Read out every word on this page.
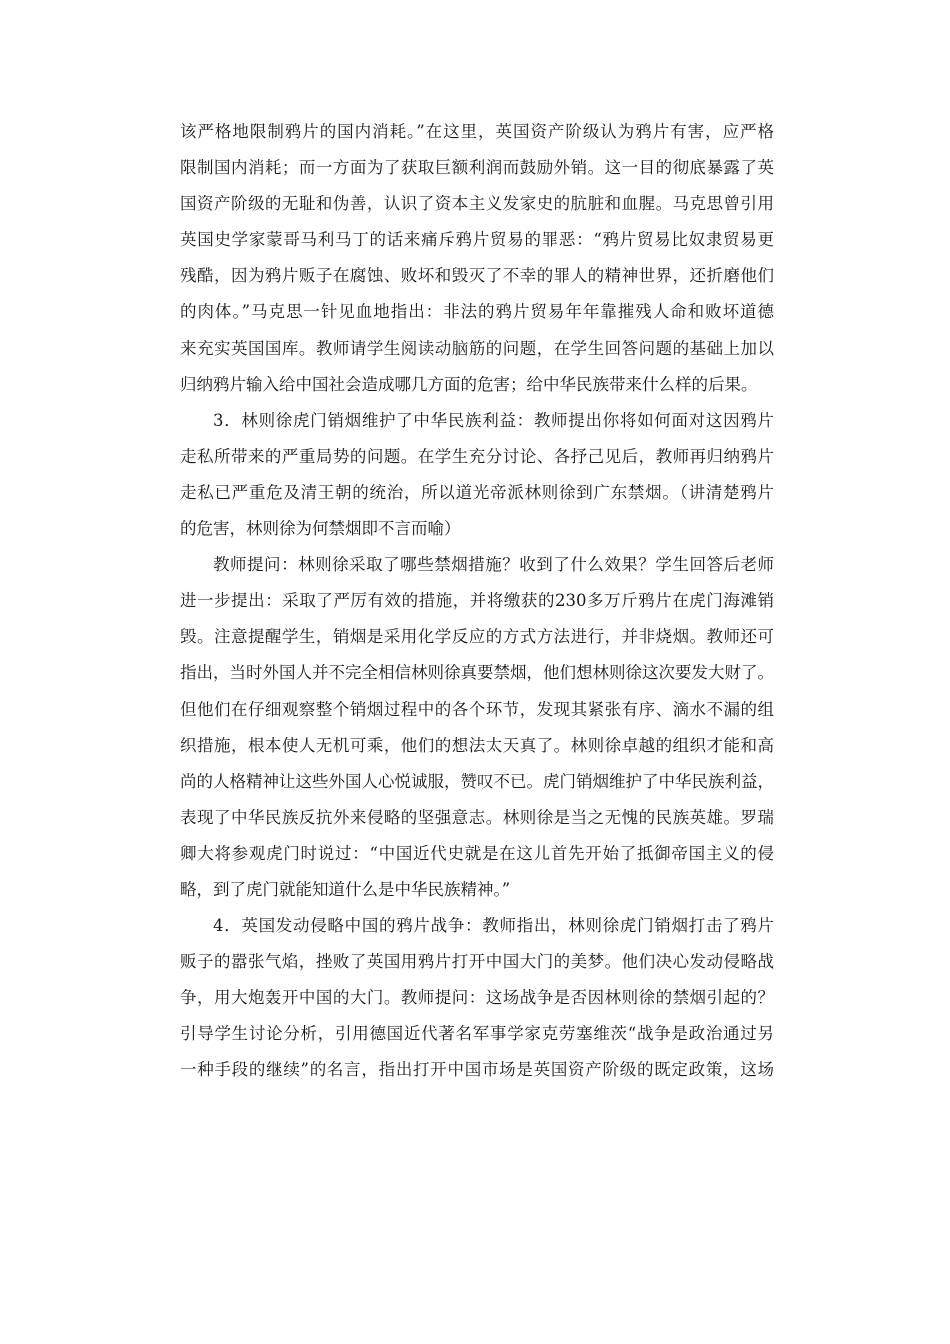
该严格地限制鸦片的国内消耗。”在这里，英国资产阶级认为鸦片有害，应严格
限制国内消耗；而一方面为了获取巨额利润而鼓励外销。这一目的彻底暴露了英
国资产阶级的无耻和伪善，认识了资本主义发家史的肮脏和血腥。马克思曾引用
英国史学家蒙哥马利马丁的话来痛斥鸦片贸易的罪恶：“鸦片贸易比奴隶贸易更
残酷，因为鸦片贩子在腐蚀、败坏和毁灭了不幸的罪人的精神世界，还折磨他们
的肉体。”马克思一针见血地指出：非法的鸦片贸易年年靠摧残人命和败坏道德
来充实英国国库。教师请学生阅读动脑筋的问题，在学生回答问题的基础上加以
归纳鸦片输入给中国社会造成哪几方面的危害；给中华民族带来什么样的后果。
3．林则徐虎门销烟维护了中华民族利益：教师提出你将如何面对这因鸦片
走私所带来的严重局势的问题。在学生充分讨论、各抒己见后，教师再归纳鸦片
走私已严重危及清王朝的统治，所以道光帝派林则徐到广东禁烟。（讲清楚鸦片
的危害，林则徐为何禁烟即不言而喻）
教师提问：林则徐采取了哪些禁烟措施？收到了什么效果？学生回答后老师
进一步提出：采取了严厉有效的措施，并将缴获的230多万斤鸦片在虎门海滩销
毁。注意提醒学生，销烟是采用化学反应的方式方法进行，并非烧烟。教师还可
指出，当时外国人并不完全相信林则徐真要禁烟，他们想林则徐这次要发大财了。
但他们在仔细观察整个销烟过程中的各个环节，发现其紧张有序、滴水不漏的组
织措施，根本使人无机可乘，他们的想法太天真了。林则徐卓越的组织才能和高
尚的人格精神让这些外国人心悦诚服，赞叹不已。虎门销烟维护了中华民族利益，
表现了中华民族反抗外来侵略的坚强意志。林则徐是当之无愧的民族英雄。罗瑞
卿大将参观虎门时说过：“中国近代史就是在这儿首先开始了抵御帝国主义的侵
略，到了虎门就能知道什么是中华民族精神。”
4．英国发动侵略中国的鸦片战争：教师指出，林则徐虎门销烟打击了鸦片
贩子的嚣张气焰，挫败了英国用鸦片打开中国大门的美梦。他们决心发动侵略战
争，用大炮轰开中国的大门。教师提问：这场战争是否因林则徐的禁烟引起的？
引导学生讨论分析，引用德国近代著名军事学家克劳塞维茨“战争是政治通过另
一种手段的继续”的名言，指出打开中国市场是英国资产阶级的既定政策，这场
